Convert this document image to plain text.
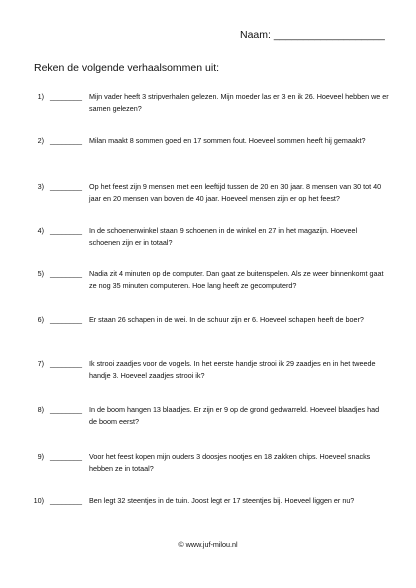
Naam: ___________________
Reken de volgende verhaalsommen uit:
1) ________ Mijn vader heeft 3 stripverhalen gelezen. Mijn moeder las er 3 en ik 26. Hoeveel hebben we er samen gelezen?
2) ________ Milan maakt 8 sommen goed en 17 sommen fout. Hoeveel sommen heeft hij gemaakt?
3) ________ Op het feest zijn 9 mensen met een leeftijd tussen de 20 en 30 jaar. 8 mensen van 30 tot 40 jaar en 20 mensen van boven de 40 jaar. Hoeveel mensen zijn er op het feest?
4) ________ In de schoenenwinkel staan 9 schoenen in de winkel en 27 in het magazijn. Hoeveel schoenen zijn er in totaal?
5) ________ Nadia zit 4 minuten op de computer. Dan gaat ze buitenspelen. Als ze weer binnenkomt gaat ze nog 35 minuten computeren. Hoe lang heeft ze gecomputerd?
6) ________ Er staan 26 schapen in de wei. In de schuur zijn er 6. Hoeveel schapen heeft de boer?
7) ________ Ik strooi zaadjes voor de vogels. In het eerste handje strooi ik 29 zaadjes en in het tweede handje 3. Hoeveel zaadjes strooi ik?
8) ________ In de boom hangen 13 blaadjes. Er zijn er 9 op de grond gedwarreld. Hoeveel blaadjes had de boom eerst?
9) ________ Voor het feest kopen mijn ouders 3 doosjes nootjes en 18 zakken chips. Hoeveel snacks hebben ze in totaal?
10) ________ Ben legt 32 steentjes in de tuin. Joost legt er 17 steentjes bij. Hoeveel liggen er nu?
© www.juf-milou.nl
